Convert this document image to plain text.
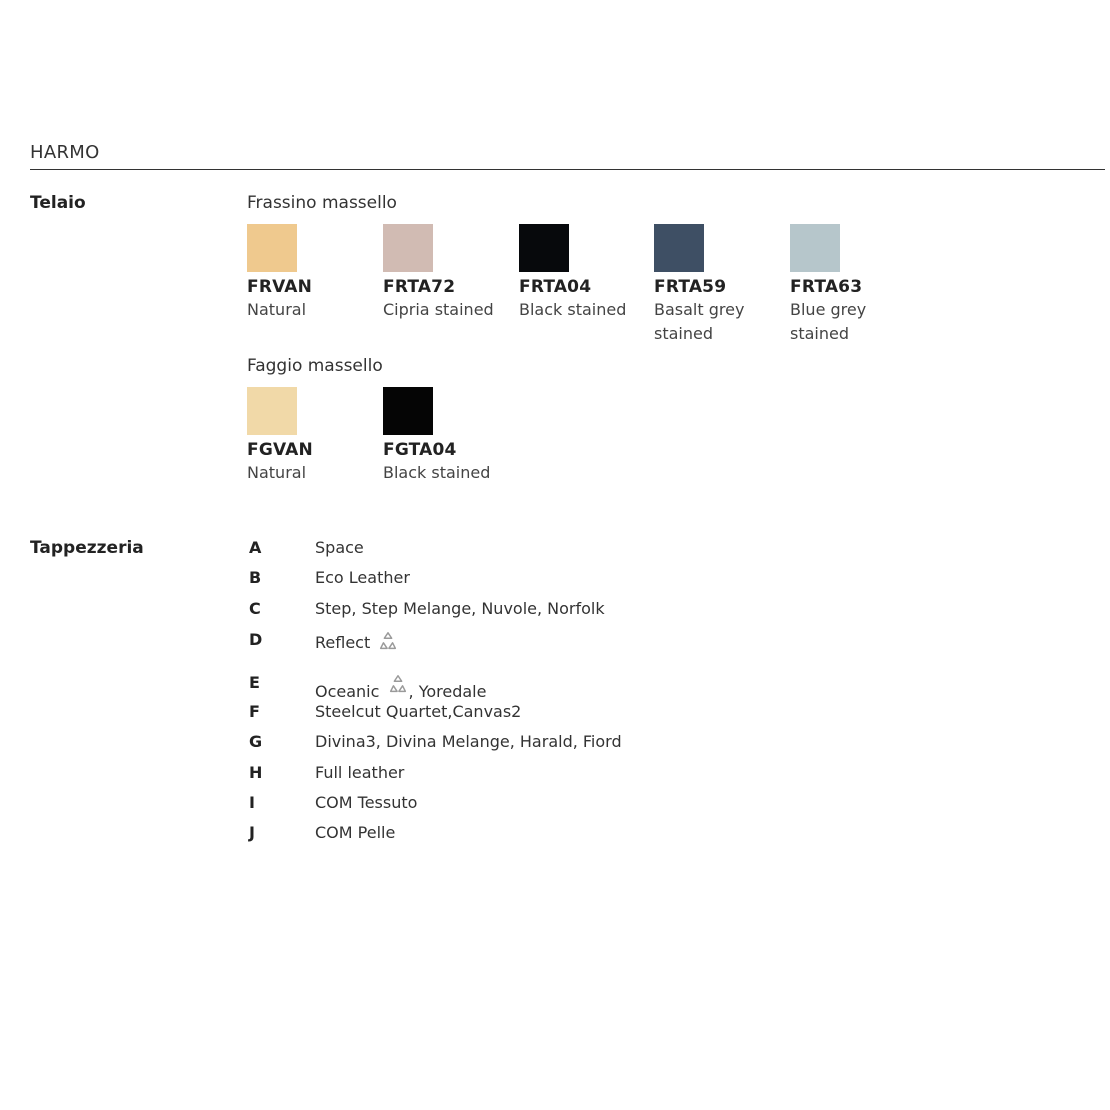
HARMO
Telaio	Frassino massello
FRVAN
Natural
FRTA72
Cipria stained
FRTA04
Black stained
FRTA59
Basalt grey stained
FRTA63
Blue grey stained
Faggio massello
FGVAN
Natural
FGTA04
Black stained
Tappezzeria	A	Space
B	Eco Leather
C	Step, Step Melange, Nuvole, Norfolk
D	Reflect
E	Oceanic , Yoredale
F	Steelcut Quartet,Canvas2
G	Divina3, Divina Melange, Harald, Fiord
H	Full leather
I	COM Tessuto
J	COM Pelle
